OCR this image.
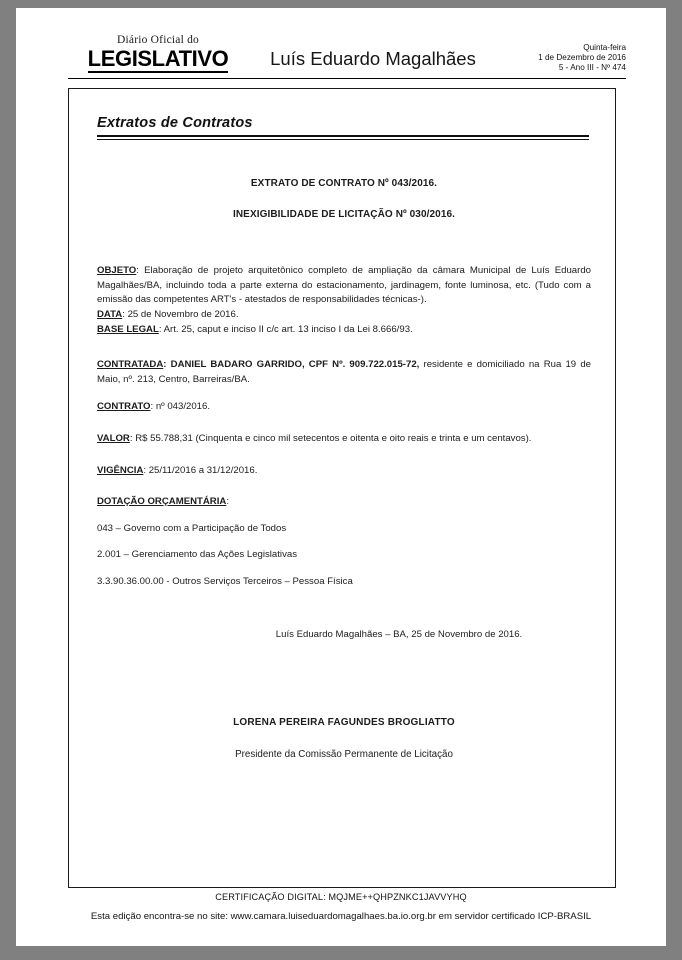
Diário Oficial do
LEGISLATIVO	Luís Eduardo Magalhães
Quinta-feira
1 de Dezembro de 2016
5 - Ano III - Nº 474
Extratos de Contratos
EXTRATO DE CONTRATO Nº 043/2016.
INEXIGIBILIDADE DE LICITAÇÃO Nº 030/2016.

OBJETO: Elaboração de projeto arquitetônico completo de ampliação da câmara Municipal de Luís Eduardo Magalhães/BA, incluindo toda a parte externa do estacionamento, jardinagem, fonte luminosa, etc. (Tudo com a emissão das competentes ART's - atestados de responsabilidades técnicas-).

DATA: 25 de Novembro de 2016.

BASE LEGAL: Art. 25, caput e inciso II c/c art. 13 inciso I da Lei 8.666/93.

CONTRATADA: DANIEL BADARO GARRIDO, CPF Nº. 909.722.015-72, residente e domiciliado na Rua 19 de Maio, nº. 213, Centro, Barreiras/BA.

CONTRATO: nº 043/2016.

VALOR: R$ 55.788,31 (Cinquenta e cinco mil setecentos e oitenta e oito reais e trinta e um centavos).

VIGÊNCIA: 25/11/2016 a 31/12/2016.

DOTAÇÃO ORÇAMENTÁRIA:

043 – Governo com a Participação de Todos
2.001 – Gerenciamento das Ações Legislativas
3.3.90.36.00.00 - Outros Serviços Terceiros – Pessoa Física
Luís Eduardo Magalhães – BA, 25 de Novembro de 2016.
LORENA PEREIRA FAGUNDES BROGLIATTO
Presidente da Comissão Permanente de Licitação
CERTIFICAÇÃO DIGITAL: MQJME++QHPZNKC1JAVVYHQ
Esta edição encontra-se no site: www.camara.luiseduardomagalhaes.ba.io.org.br em servidor certificado ICP-BRASIL
